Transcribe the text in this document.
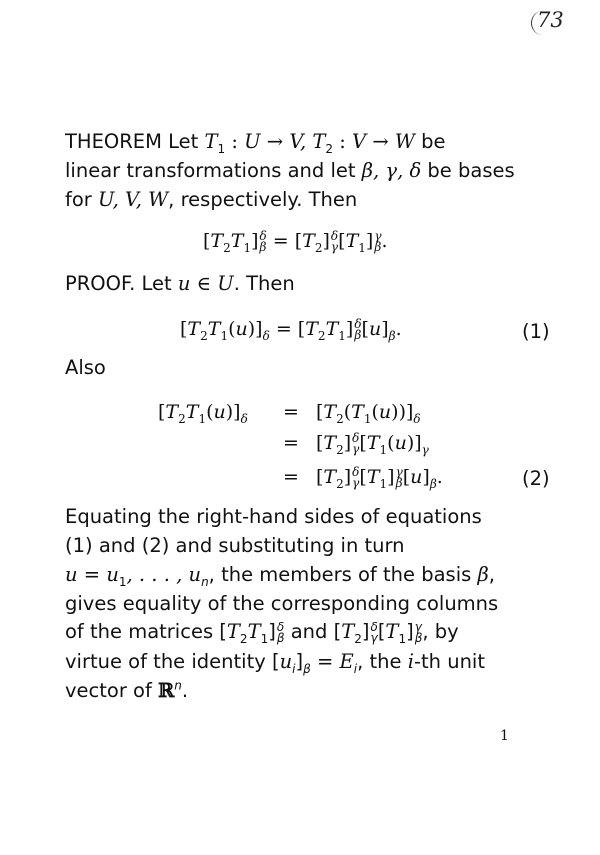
73
THEOREM Let $T_1$ : U → V, $T_2$ : V → W be
linear transformations and let β, γ, δ be bases
for U, V, W, respectively. Then
$[T_2T_1]$ δ
$\beta = [T_2]$ δ
γ $[T_1]$ γ
β .
PROOF. Let u ∈ U. Then
$[T_2T_1(u)]_\delta = [T_2T_1]$ δ
β $[u]_\beta$.	(1)
Also
$[T_2T_1(u)]_\delta = [T_2(T_1(u))]_\delta$
= $[T_2]$ δ
γ $[T_1(u)]_\gamma$
= $[T_2]$ δ
γ $[T_1]$ γ
β $[u]_\beta$.	(2)
Equating the right-hand sides of equations
(1) and (2) and substituting in turn
$u = u_1$, . . . , $u_n$, the members of the basis β,
gives equality of the corresponding columns
of the matrices $[T_2T_1]$ δ
β and $[T_2]$ δ
γ $[T_1]$ γ
β , by
virtue of the identity $[u_i]_\beta = E_i$, the i-th unit
vector of ℝ$^n$.
1
